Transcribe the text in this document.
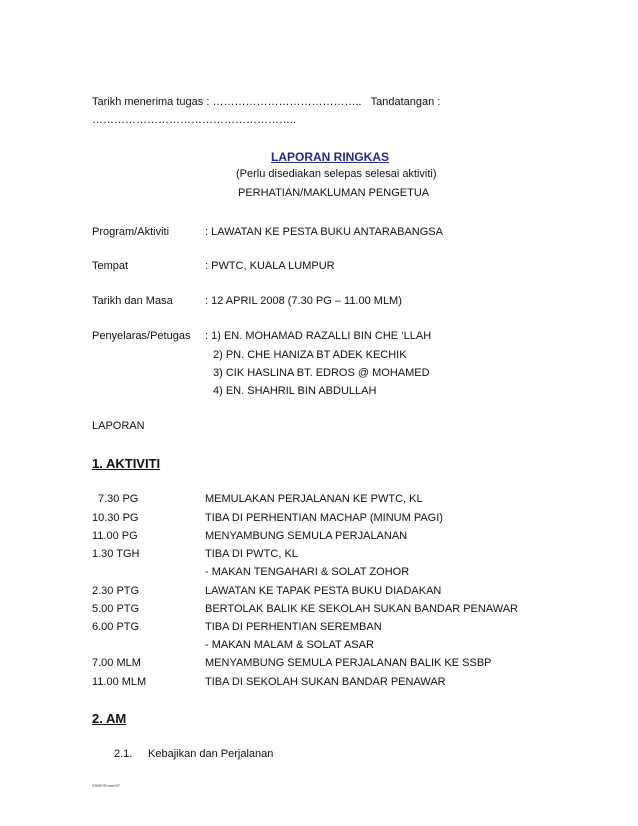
Tarikh menerima tugas : ………………………………….. Tandatangan :
………………………………………………..
LAPORAN RINGKAS
(Perlu disediakan selepas selesai aktiviti)
PERHATIAN/MAKLUMAN PENGETUA
Program/Aktiviti	: LAWATAN KE PESTA BUKU ANTARABANGSA
Tempat	: PWTC, KUALA LUMPUR
Tarikh dan Masa	: 12 APRIL 2008 (7.30 PG – 11.00 MLM)
Penyelaras/Petugas : 1) EN. MOHAMAD RAZALLI BIN CHE ‘LLAH
2) PN. CHE HANIZA BT ADEK KECHIK
3) CIK HASLINA BT. EDROS @ MOHAMED
4) EN. SHAHRIL BIN ABDULLAH
LAPORAN
1. AKTIVITI
7.30 PG	MEMULAKAN PERJALANAN KE PWTC, KL
10.30 PG	TIBA DI PERHENTIAN MACHAP (MINUM PAGI)
11.00 PG	MENYAMBUNG SEMULA PERJALANAN
1.30 TGH	TIBA DI PWTC, KL
- MAKAN TENGAHARI & SOLAT ZOHOR
2.30 PTG	LAWATAN KE TAPAK PESTA BUKU DIADAKAN
5.00 PTG	BERTOLAK BALIK KE SEKOLAH SUKAN BANDAR PENAWAR
6.00 PTG	TIBA DI PERHENTIAN SEREMBAN
- MAKAN MALAM & SOLAT ASAR
7.00 MLM	MENYAMBUNG SEMULA PERJALANAN BALIK KE SSBP
11.00 MLM	TIBA DI SEKOLAH SUKAN BANDAR PENAWAR
2. AM
2.1. Kebajikan dan Perjalanan
SSBP/Smart/07
